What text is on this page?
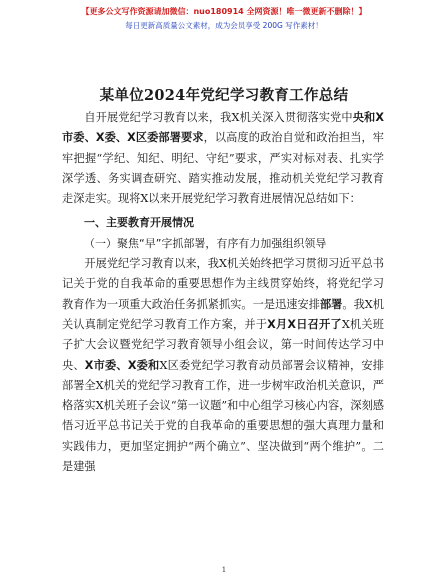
【更多公文写作资源请加微信：nuo180914 全网资源！唯一微更新不删除！】
每日更新高质量公文素材，成为会员享受 200G 写作素材！
某单位2024年党纪学习教育工作总结

自开展党纪学习教育以来，我X机关深入贯彻落实党中央和X市委、X委、X区委部署要求，以高度的政治自觉和政治担当，牢牢把握“学纪、知纪、明纪、守纪”要求，严实对标对表、扎实学深学透、务实调查研究、踏实推动发展，推动机关党纪学习教育走深走实。现将X以来开展党纪学习教育进展情况总结如下：

一、主要教育开展情况

（一）聚焦“早”字抓部署，有序有力加强组织领导

开展党纪学习教育以来，我X机关始终把学习贯彻习近平总书记关于党的自我革命的重要思想作为主线贯穿始终，将党纪学习教育作为一项重大政治任务抓紧抓实。一是迅速安排部署。我X机关认真制定党纪学习教育工作方案，并于X月X日召开了X机关班子扩大会议暨党纪学习教育领导小组会议，第一时间传达学习中央、X市委、X委和X区委党纪学习教育动员部署会议精神，安排部署全X机关的党纪学习教育工作，进一步树牢政治机关意识，严格落实X机关班子会议“第一议题”和中心组学习核心内容，深刻感悟习近平总书记关于党的自我革命的重要思想的强大真理力量和实践伟力，更加坚定拥护“两个确立”、坚决做到“两个维护”。二是建强

1
